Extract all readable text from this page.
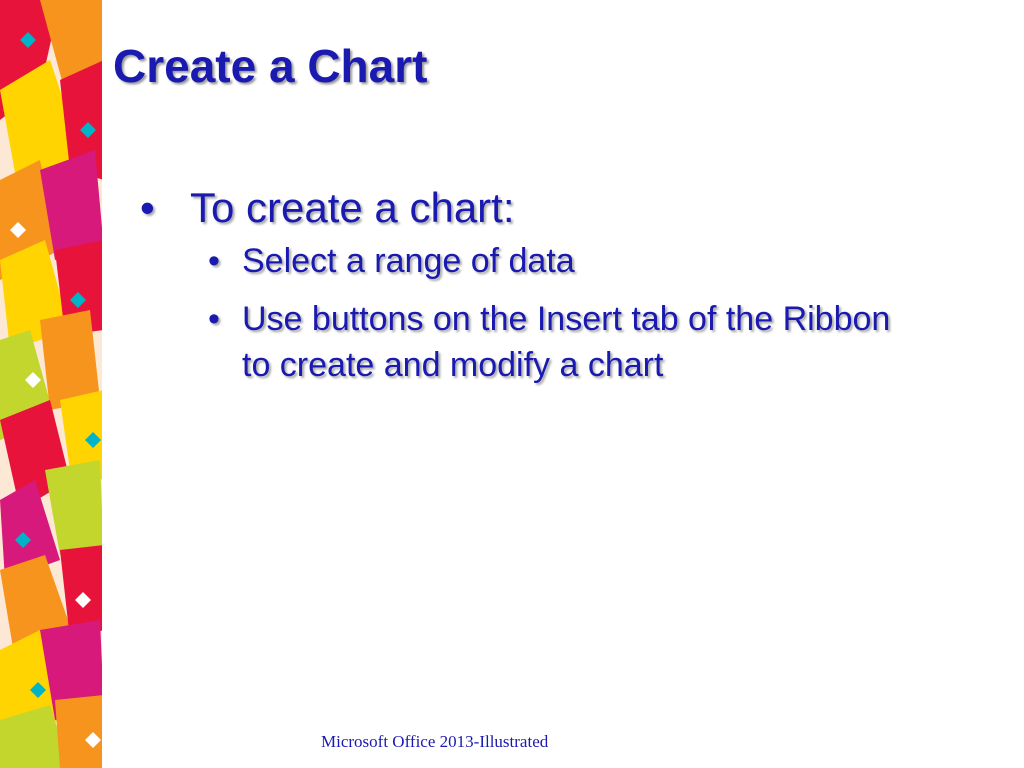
Create a Chart
• To create a chart:
• Select a range of data
• Use buttons on the Insert tab of the Ribbon to create and modify a chart
Microsoft Office 2013-Illustrated
